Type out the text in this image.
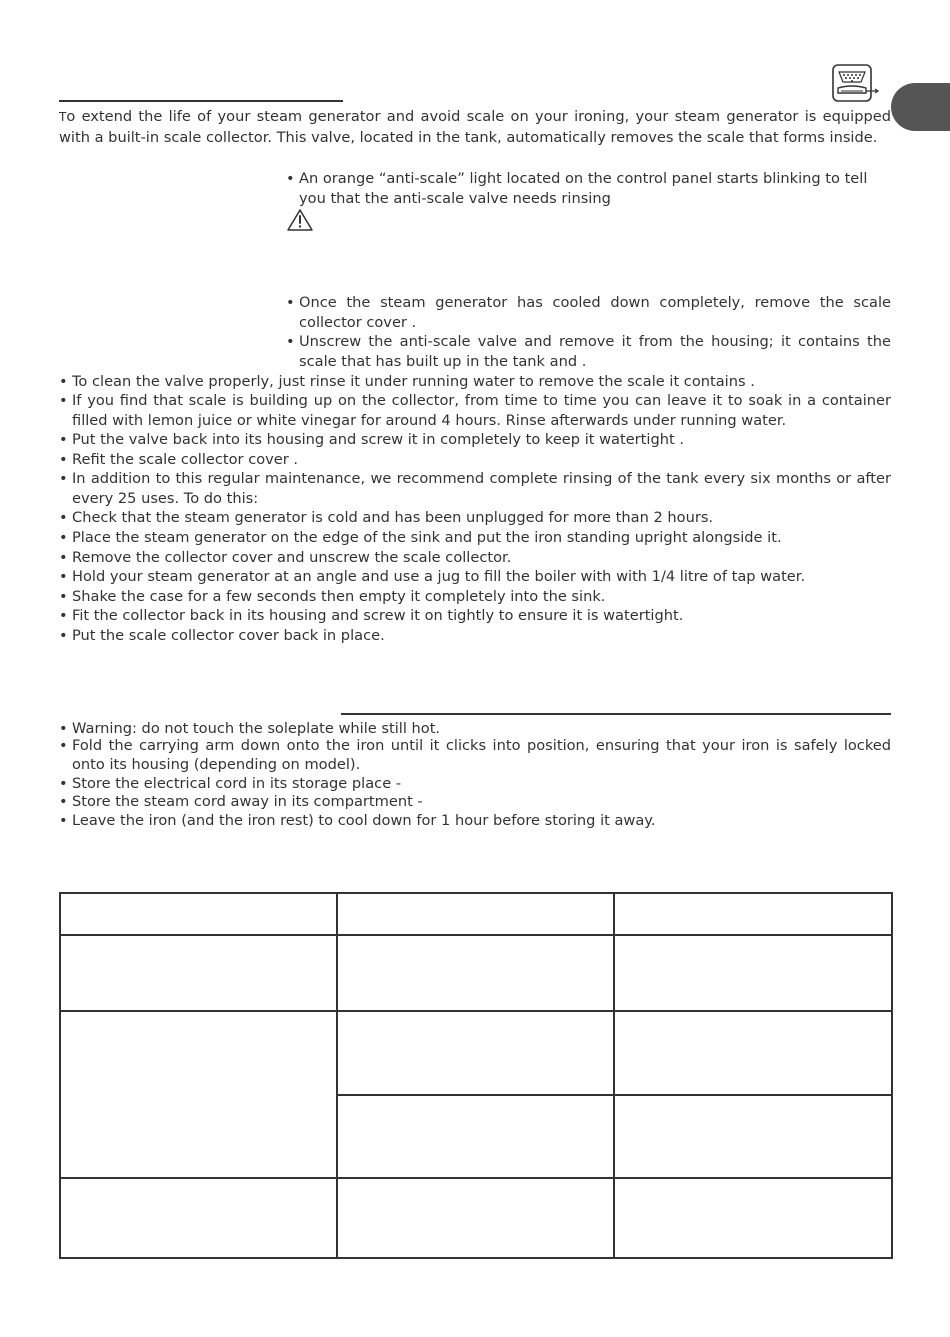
To extend the life of your steam generator and avoid scale on your ironing, your steam generator is equipped with a built-in scale collector. This valve, located in the tank, automatically removes the scale that forms inside.
• An orange “anti-scale” light located on the control panel starts blinking to tell you that the anti-scale valve needs rinsing
• Once the steam generator has cooled down completely, remove the scale collector cover .
• Unscrew the anti-scale valve and remove it from the housing; it contains the scale that has built up in the tank and .
• To clean the valve properly, just rinse it under running water to remove the scale it contains .
• If you find that scale is building up on the collector, from time to time you can leave it to soak in a container filled with lemon juice or white vinegar for around 4 hours. Rinse afterwards under running water.
• Put the valve back into its housing and screw it in completely to keep it watertight .
• Refit the scale collector cover .
• In addition to this regular maintenance, we recommend complete rinsing of the tank every six months or after every 25 uses. To do this:
• Check that the steam generator is cold and has been unplugged for more than 2 hours.
• Place the steam generator on the edge of the sink and put the iron standing upright alongside it.
• Remove the collector cover and unscrew the scale collector.
• Hold your steam generator at an angle and use a jug to fill the boiler with with 1/4 litre of tap water.
• Shake the case for a few seconds then empty it completely into the sink.
• Fit the collector back in its housing and screw it on tightly to ensure it is watertight.
• Put the scale collector cover back in place.
• Warning: do not touch the soleplate while still hot.
• Fold the carrying arm down onto the iron until it clicks into position, ensuring that your iron is safely locked onto its housing (depending on model).
• Store the electrical cord in its storage place -
• Store the steam cord away in its compartment -
• Leave the iron (and the iron rest) to cool down for 1 hour before storing it away.
